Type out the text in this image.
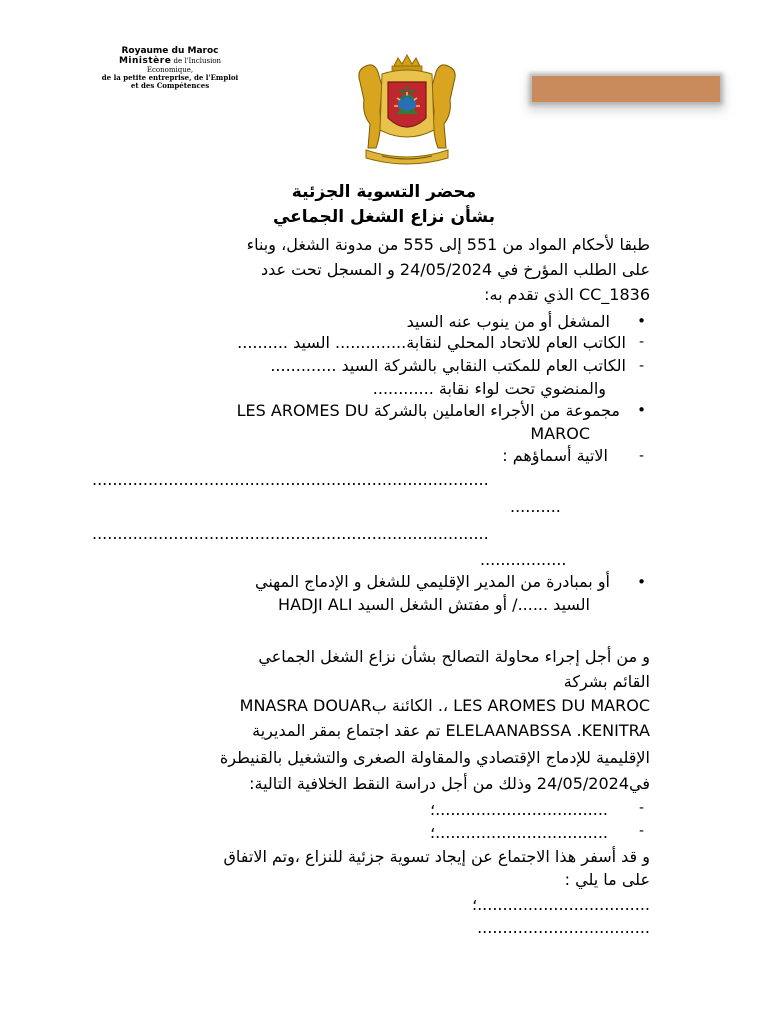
Royaume du Maroc
Ministère de l'Inclusion
Economique,
de la petite entreprise, de l'Emploi
et des Compétences
محضر التسوية الجزئية
بشأن نزاع الشغل الجماعي
طبقا لأحكام المواد من 551 إلى 555 من مدونة الشغل، وبناء
على الطلب المؤرخ في 24/05/2024 و المسجل تحت عدد
CC_1836 الذي تقدم به:
•
المشغل أو من ينوب عنه السيد
-
الكاتب العام للاتحاد المحلي لنقابة.............. السيد ..........
-
الكاتب العام للمكتب النقابي بالشركة السيد .............
والمنضوي تحت لواء نقابة ............
•
مجموعة من الأجراء العاملين بالشركة LES AROMES DU
MAROC
-
الاتية أسماؤهم :
..............................................................................
..........
..............................................................................
.................
•
أو بمبادرة من المدير الإقليمي للشغل و الإدماج المهني
السيد ....../ أو مفتش الشغل السيد HADJI ALI
و من أجل إجراء محاولة التصالح بشأن نزاع الشغل الجماعي
القائم بشركة
LES AROMES DU MAROC ،. الكائنة بMNASRA DOUAR
ELELAANABSSA .KENITRA تم عقد اجتماع بمقر المديرية
الإقليمية للإدماج الإقتصادي والمقاولة الصغرى والتشغيل بالقنيطرة
في24/05/2024 وذلك من أجل دراسة النقط الخلافية التالية:
-
..................................؛
-
..................................؛
و قد أسفر هذا الاجتماع عن إيجاد تسوية جزئية للنزاع ،وتم الاتفاق
على ما يلي :
..................................؛
..................................
